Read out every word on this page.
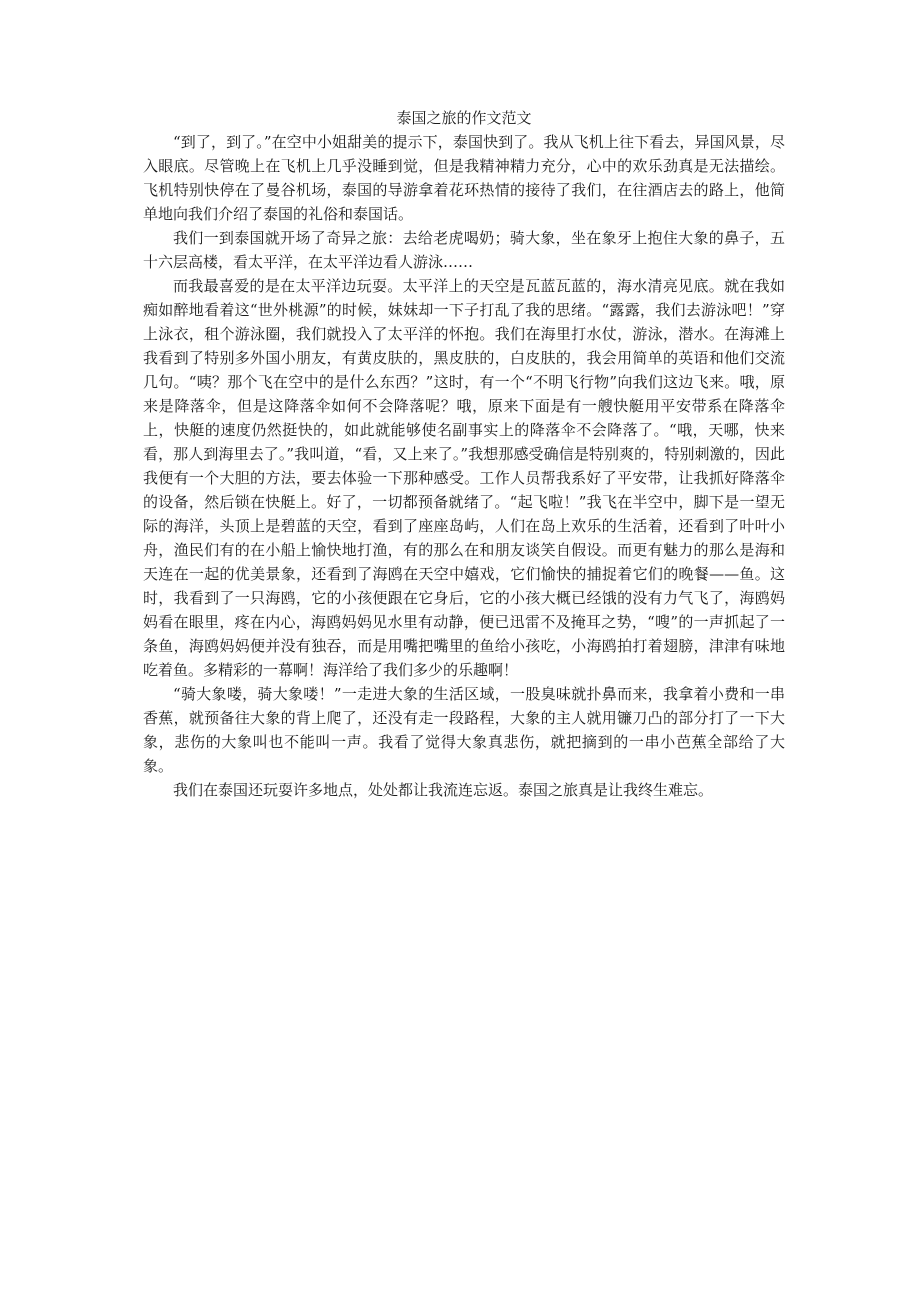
泰国之旅的作文范文

“到了，到了。”在空中小姐甜美的提示下，泰国快到了。我从飞机上往下看去，异国风景，尽入眼底。尽管晚上在飞机上几乎没睡到觉，但是我精神精力充分，心中的欢乐劲真是无法描绘。飞机特别快停在了曼谷机场，泰国的导游拿着花环热情的接待了我们，在往酒店去的路上，他简单地向我们介绍了泰国的礼俗和泰国话。

我们一到泰国就开场了奇异之旅：去给老虎喝奶；骑大象，坐在象牙上抱住大象的鼻子，五十六层高楼，看太平洋，在太平洋边看人游泳……

而我最喜爱的是在太平洋边玩耍。太平洋上的天空是瓦蓝瓦蓝的，海水清亮见底。就在我如痴如醉地看着这“世外桃源”的时候，妹妹却一下子打乱了我的思绪。“露露，我们去游泳吧！”穿上泳衣，租个游泳圈，我们就投入了太平洋的怀抱。我们在海里打水仗，游泳，潜水。在海滩上我看到了特别多外国小朋友，有黄皮肤的，黑皮肤的，白皮肤的，我会用简单的英语和他们交流几句。“咦？那个飞在空中的是什么东西？”这时，有一个“不明飞行物”向我们这边飞来。哦，原来是降落伞，但是这降落伞如何不会降落呢？哦，原来下面是有一艘快艇用平安带系在降落伞上，快艇的速度仍然挺快的，如此就能够使名副事实上的降落伞不会降落了。“哦，天哪，快来看，那人到海里去了。”我叫道，“看，又上来了。”我想那感受确信是特别爽的，特别刺激的，因此我便有一个大胆的方法，要去体验一下那种感受。工作人员帮我系好了平安带，让我抓好降落伞的设备，然后锁在快艇上。好了，一切都预备就绪了。“起飞啦！”我飞在半空中，脚下是一望无际的海洋，头顶上是碧蓝的天空，看到了座座岛屿，人们在岛上欢乐的生活着，还看到了叶叶小舟，渔民们有的在小船上愉快地打渔，有的那么在和朋友谈笑自假设。而更有魅力的那么是海和天连在一起的优美景象，还看到了海鸥在天空中嬉戏，它们愉快的捕捉着它们的晚餐——鱼。这时，我看到了一只海鸥，它的小孩便跟在它身后，它的小孩大概已经饿的没有力气飞了，海鸥妈妈看在眼里，疼在内心，海鸥妈妈见水里有动静，便已迅雷不及掩耳之势，“嗖”的一声抓起了一条鱼，海鸥妈妈便并没有独吞，而是用嘴把嘴里的鱼给小孩吃，小海鸥拍打着翅膀，津津有味地吃着鱼。多精彩的一幕啊！海洋给了我们多少的乐趣啊！

“骑大象喽，骑大象喽！”一走进大象的生活区域，一股臭味就扑鼻而来，我拿着小费和一串香蕉，就预备往大象的背上爬了，还没有走一段路程，大象的主人就用镰刀凸的部分打了一下大象，悲伤的大象叫也不能叫一声。我看了觉得大象真悲伤，就把摘到的一串小芭蕉全部给了大象。

我们在泰国还玩耍许多地点，处处都让我流连忘返。泰国之旅真是让我终生难忘。
